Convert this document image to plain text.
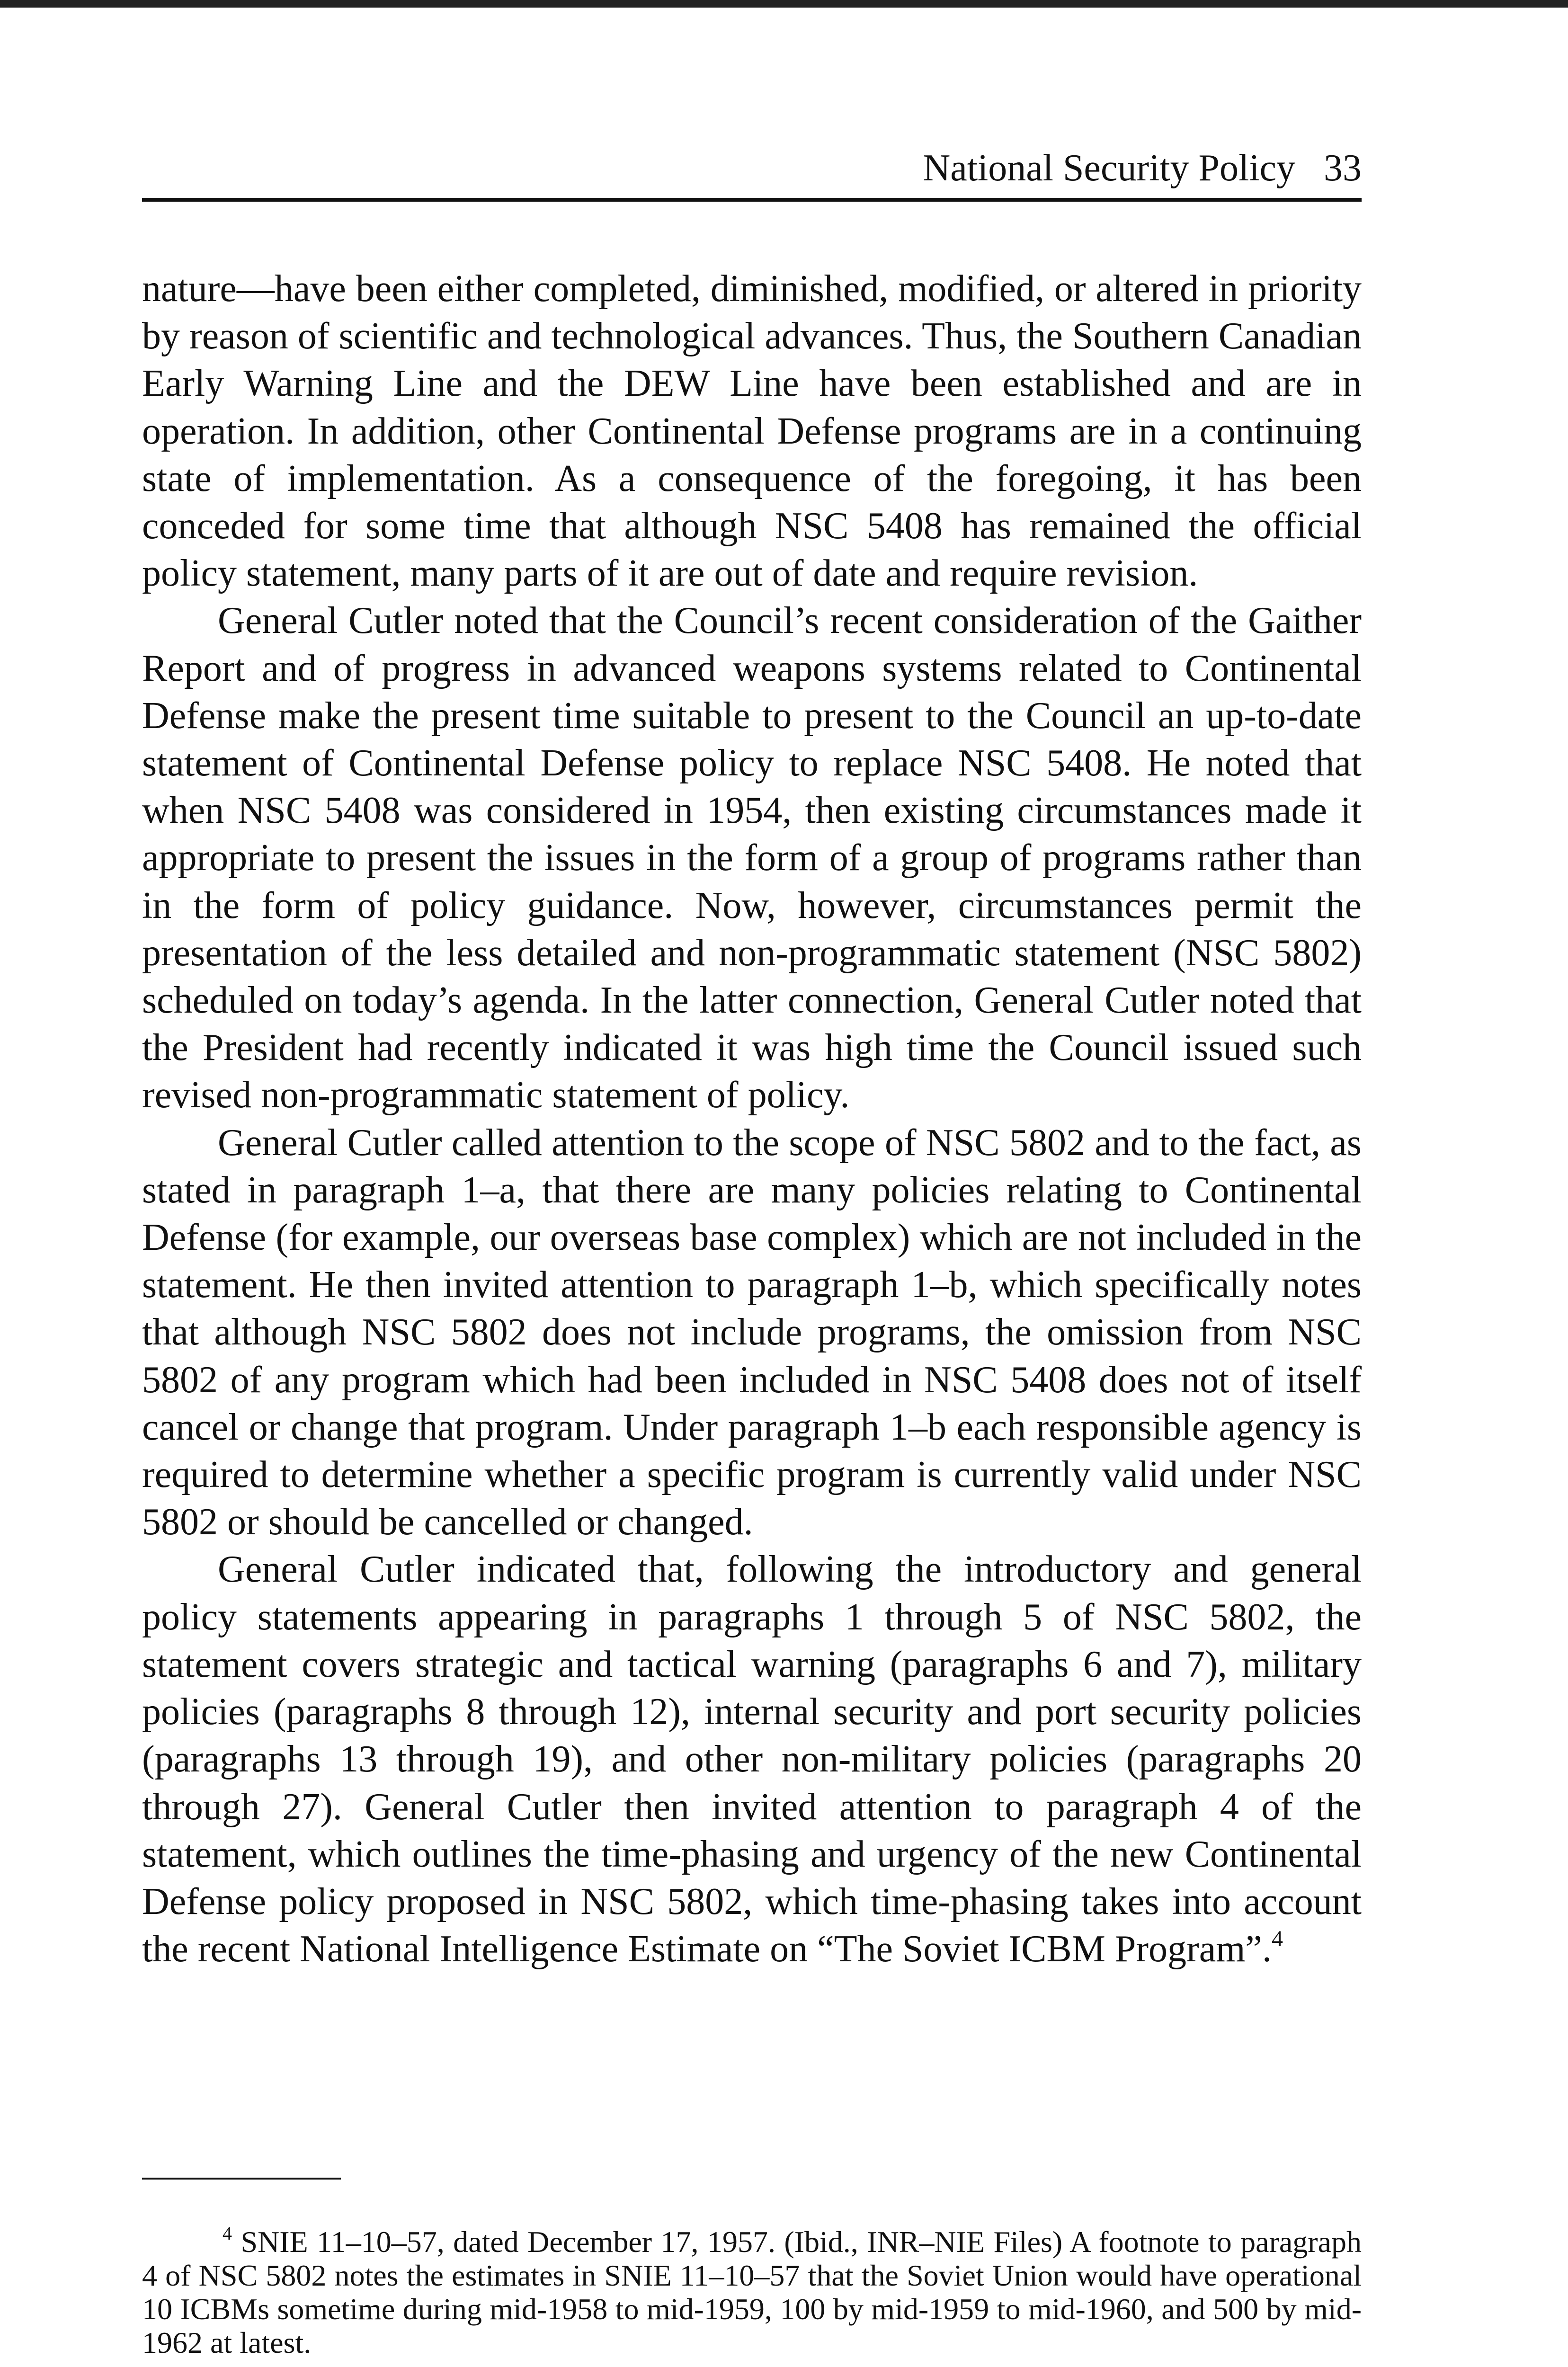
National Security Policy 33

nature—have been either completed, diminished, modified, or altered in priority by reason of scientific and technological advances. Thus, the Southern Canadian Early Warning Line and the DEW Line have been established and are in operation. In addition, other Continental Defense programs are in a continuing state of implementation. As a consequence of the foregoing, it has been conceded for some time that although NSC 5408 has remained the official policy statement, many parts of it are out of date and require revision.

General Cutler noted that the Council’s recent consideration of the Gaither Report and of progress in advanced weapons systems related to Continental Defense make the present time suitable to present to the Council an up-to-date statement of Continental Defense policy to replace NSC 5408. He noted that when NSC 5408 was considered in 1954, then existing circumstances made it appropriate to present the issues in the form of a group of programs rather than in the form of policy guidance. Now, however, circumstances permit the presentation of the less detailed and non-programmatic statement (NSC 5802) scheduled on today’s agenda. In the latter connection, General Cutler noted that the President had recently indicated it was high time the Council issued such revised non-programmatic statement of policy.

General Cutler called attention to the scope of NSC 5802 and to the fact, as stated in paragraph 1–a, that there are many policies relating to Continental Defense (for example, our overseas base complex) which are not included in the statement. He then invited attention to paragraph 1–b, which specifically notes that although NSC 5802 does not include programs, the omission from NSC 5802 of any program which had been included in NSC 5408 does not of itself cancel or change that program. Under paragraph 1–b each responsible agency is required to determine whether a specific program is currently valid under NSC 5802 or should be cancelled or changed.

General Cutler indicated that, following the introductory and general policy statements appearing in paragraphs 1 through 5 of NSC 5802, the statement covers strategic and tactical warning (paragraphs 6 and 7), military policies (paragraphs 8 through 12), internal security and port security policies (paragraphs 13 through 19), and other non-military policies (paragraphs 20 through 27). General Cutler then invited attention to paragraph 4 of the statement, which outlines the time-phasing and urgency of the new Continental Defense policy proposed in NSC 5802, which time-phasing takes into account the recent National Intelligence Estimate on “The Soviet ICBM Program”.$^4$

$^4$ SNIE 11–10–57, dated December 17, 1957. (Ibid., INR–NIE Files) A footnote to paragraph 4 of NSC 5802 notes the estimates in SNIE 11–10–57 that the Soviet Union would have operational 10 ICBMs sometime during mid-1958 to mid-1959, 100 by mid-1959 to mid-1960, and 500 by mid-1962 at latest.
